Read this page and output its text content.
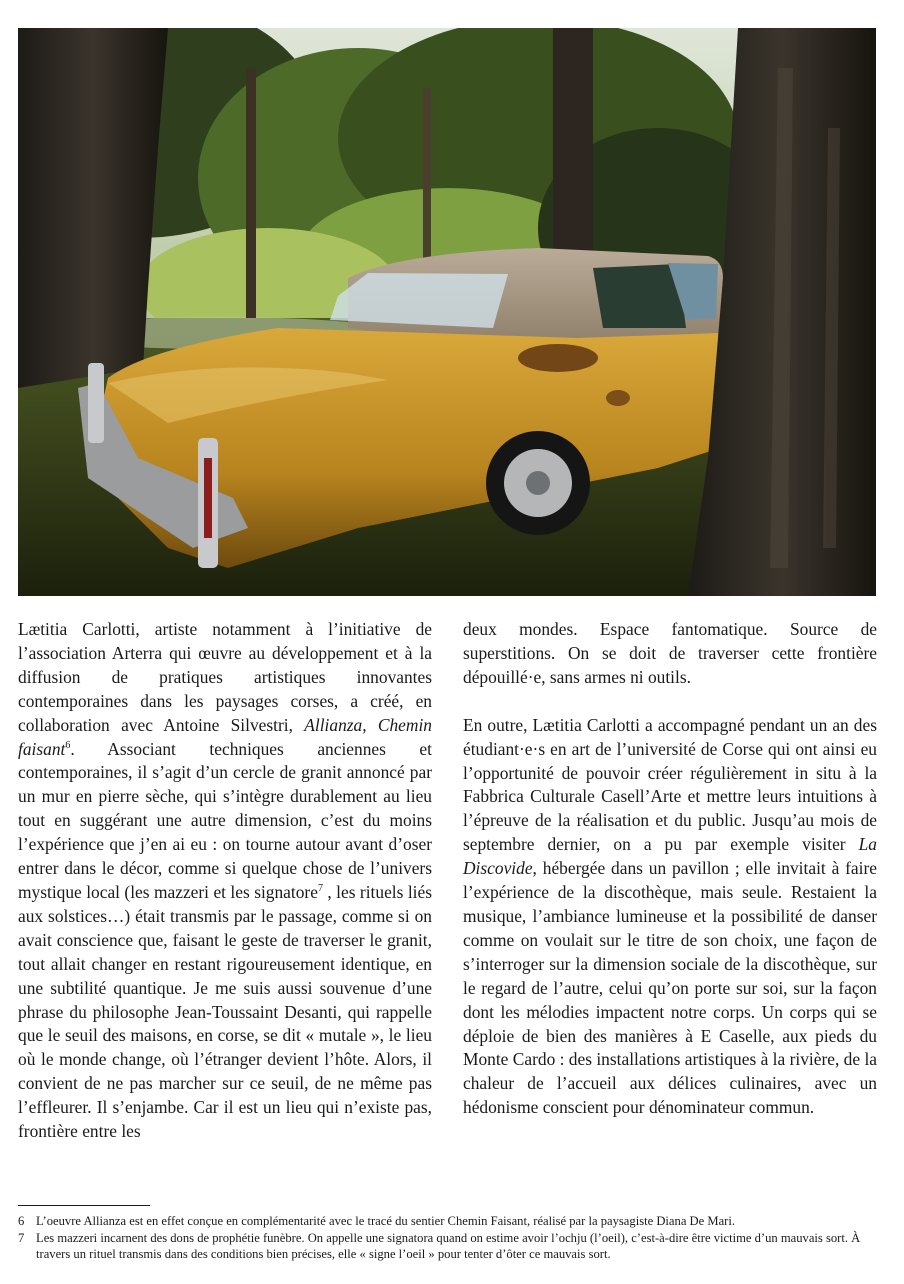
Lætitia Carlotti, artiste notamment à l’initiative de l’association Arterra qui œuvre au développement et à la diffusion de pratiques artistiques innovantes contemporaines dans les paysages corses, a créé, en collaboration avec Antoine Silvestri, Allianza, Chemin faisant$^6$. Associant techniques anciennes et contemporaines, il s’agit d’un cercle de granit annoncé par un mur en pierre sèche, qui s’intègre durablement au lieu tout en suggérant une autre dimension, c’est du moins l’expérience que j’en ai eu : on tourne autour avant d’oser entrer dans le décor, comme si quelque chose de l’univers mystique local (les mazzeri et les signatore$^7$ , les rituels liés aux solstices…) était transmis par le passage, comme si on avait conscience que, faisant le geste de traverser le granit, tout allait changer en restant rigoureusement identique, en une subtilité quantique. Je me suis aussi souvenue d’une phrase du philosophe Jean-Toussaint Desanti, qui rappelle que le seuil des maisons, en corse, se dit « mutale », le lieu où le monde change, où l’étranger devient l’hôte. Alors, il convient de ne pas marcher sur ce seuil, de ne même pas l’effleurer. Il s’enjambe. Car il est un lieu qui n’existe pas, frontière entre les

deux mondes. Espace fantomatique. Source de superstitions. On se doit de traverser cette frontière dépouillé·e, sans armes ni outils.

En outre, Lætitia Carlotti a accompagné pendant un an des étudiant·e·s en art de l’université de Corse qui ont ainsi eu l’opportunité de pouvoir créer régulièrement in situ à la Fabbrica Culturale Casell’Arte et mettre leurs intuitions à l’épreuve de la réalisation et du public. Jusqu’au mois de septembre dernier, on a pu par exemple visiter La Discovide, hébergée dans un pavillon ; elle invitait à faire l’expérience de la discothèque, mais seule. Restaient la musique, l’ambiance lumineuse et la possibilité de danser comme on voulait sur le titre de son choix, une façon de s’interroger sur la dimension sociale de la discothèque, sur le regard de l’autre, celui qu’on porte sur soi, sur la façon dont les mélodies impactent notre corps. Un corps qui se déploie de bien des manières à E Caselle, aux pieds du Monte Cardo : des installations artistiques à la rivière, de la chaleur de l’accueil aux délices culinaires, avec un hédonisme conscient pour dénominateur commun.

6 L’oeuvre Allianza est en effet conçue en complémentarité avec le tracé du sentier Chemin Faisant, réalisé par la paysagiste Diana De Mari.
7 Les mazzeri incarnent des dons de prophétie funèbre. On appelle une signatora quand on estime avoir l’ochju (l’oeil), c’est-à-dire être victime d’un mauvais sort. À travers un rituel transmis dans des conditions bien précises, elle « signe l’oeil » pour tenter d’ôter ce mauvais sort.
